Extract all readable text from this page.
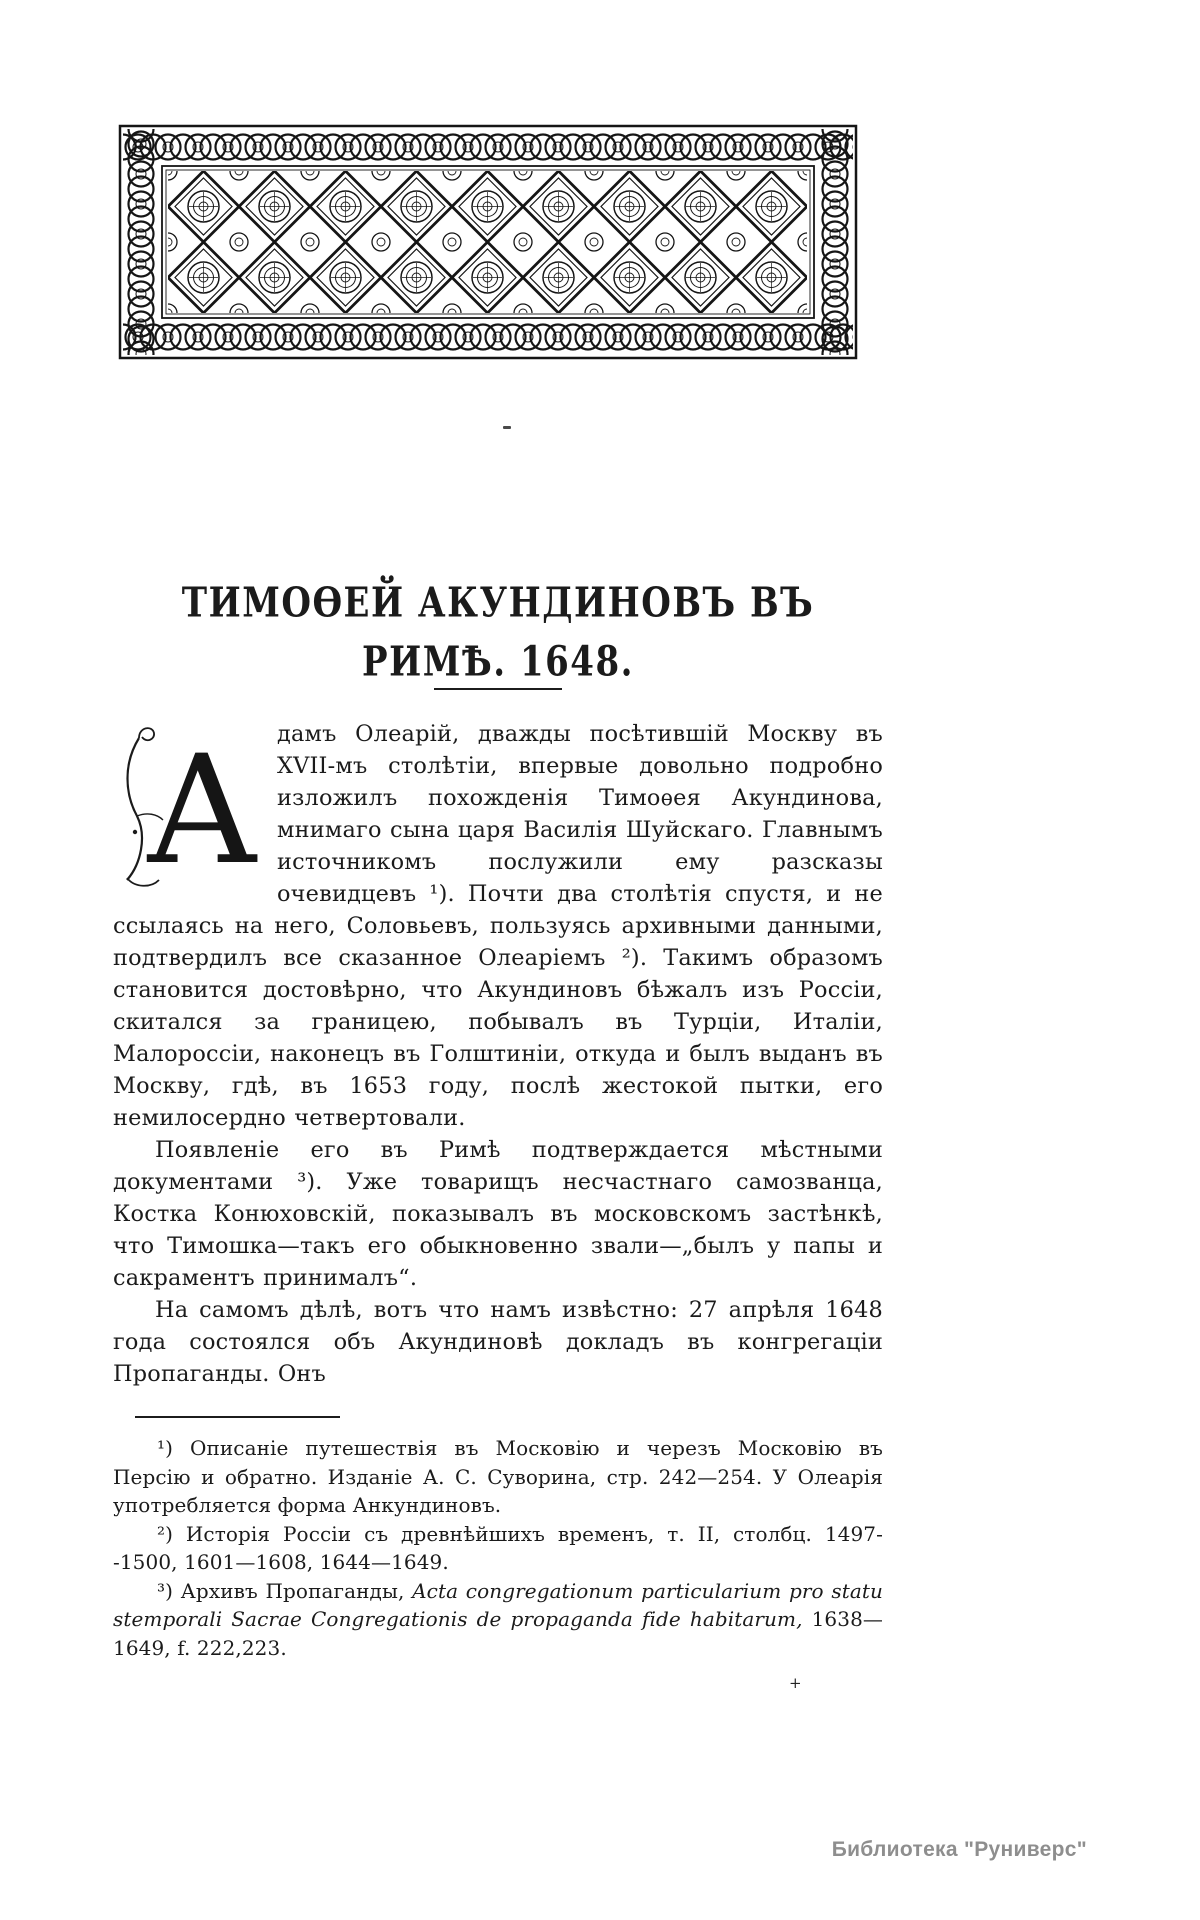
ТИМОѲЕЙ АКУНДИНОВЪ ВЪ РИМѢ. 1648.

А дамъ Олеарій, дважды посѣтившій Москву въ XVII-мъ столѣтіи, впервые довольно подробно изложилъ похожденія Тимоѳея Акундинова, мнимаго сына царя Василія Шуйскаго. Главнымъ источникомъ послужили ему разсказы очевидцевъ ¹). Почти два столѣтія спустя, и не ссылаясь на него, Соловьевъ, пользуясь архивными данными, подтвердилъ все сказанное Олеаріемъ ²). Такимъ образомъ становится достовѣрно, что Акундиновъ бѣжалъ изъ Россіи, скитался за границею, побывалъ въ Турціи, Италіи, Малороссіи, наконецъ въ Голштиніи, откуда и былъ выданъ въ Москву, гдѣ, въ 1653 году, послѣ жестокой пытки, его немилосердно четвертовали.

Появленіе его въ Римѣ подтверждается мѣстными документами ³). Уже товарищъ несчастнаго самозванца, Костка Конюховскій, показывалъ въ московскомъ застѣнкѣ, что Тимошка—такъ его обыкновенно звали—„былъ у папы и сакраментъ принималъ“.

На самомъ дѣлѣ, вотъ что намъ извѣстно: 27 апрѣля 1648 года состоялся объ Акундиновѣ докладъ въ конгрегаціи Пропаганды. Онъ

¹) Описаніе путешествія въ Московію и черезъ Московію въ Персію и обратно. Изданіе А. С. Суворина, стр. 242—254. У Олеарія употребляется форма Анкундиновъ.

²) Исторія Россіи съ древнѣйшихъ временъ, т. II, столбц. 1497--1500, 1601—1608, 1644—1649.

³) Архивъ Пропаганды, Acta congregationum particularium pro statu stemporali Sacrae Congregationis de propaganda fide habitarum, 1638—1649, f. 222,223.

+
Библиотека "Руниверс"
